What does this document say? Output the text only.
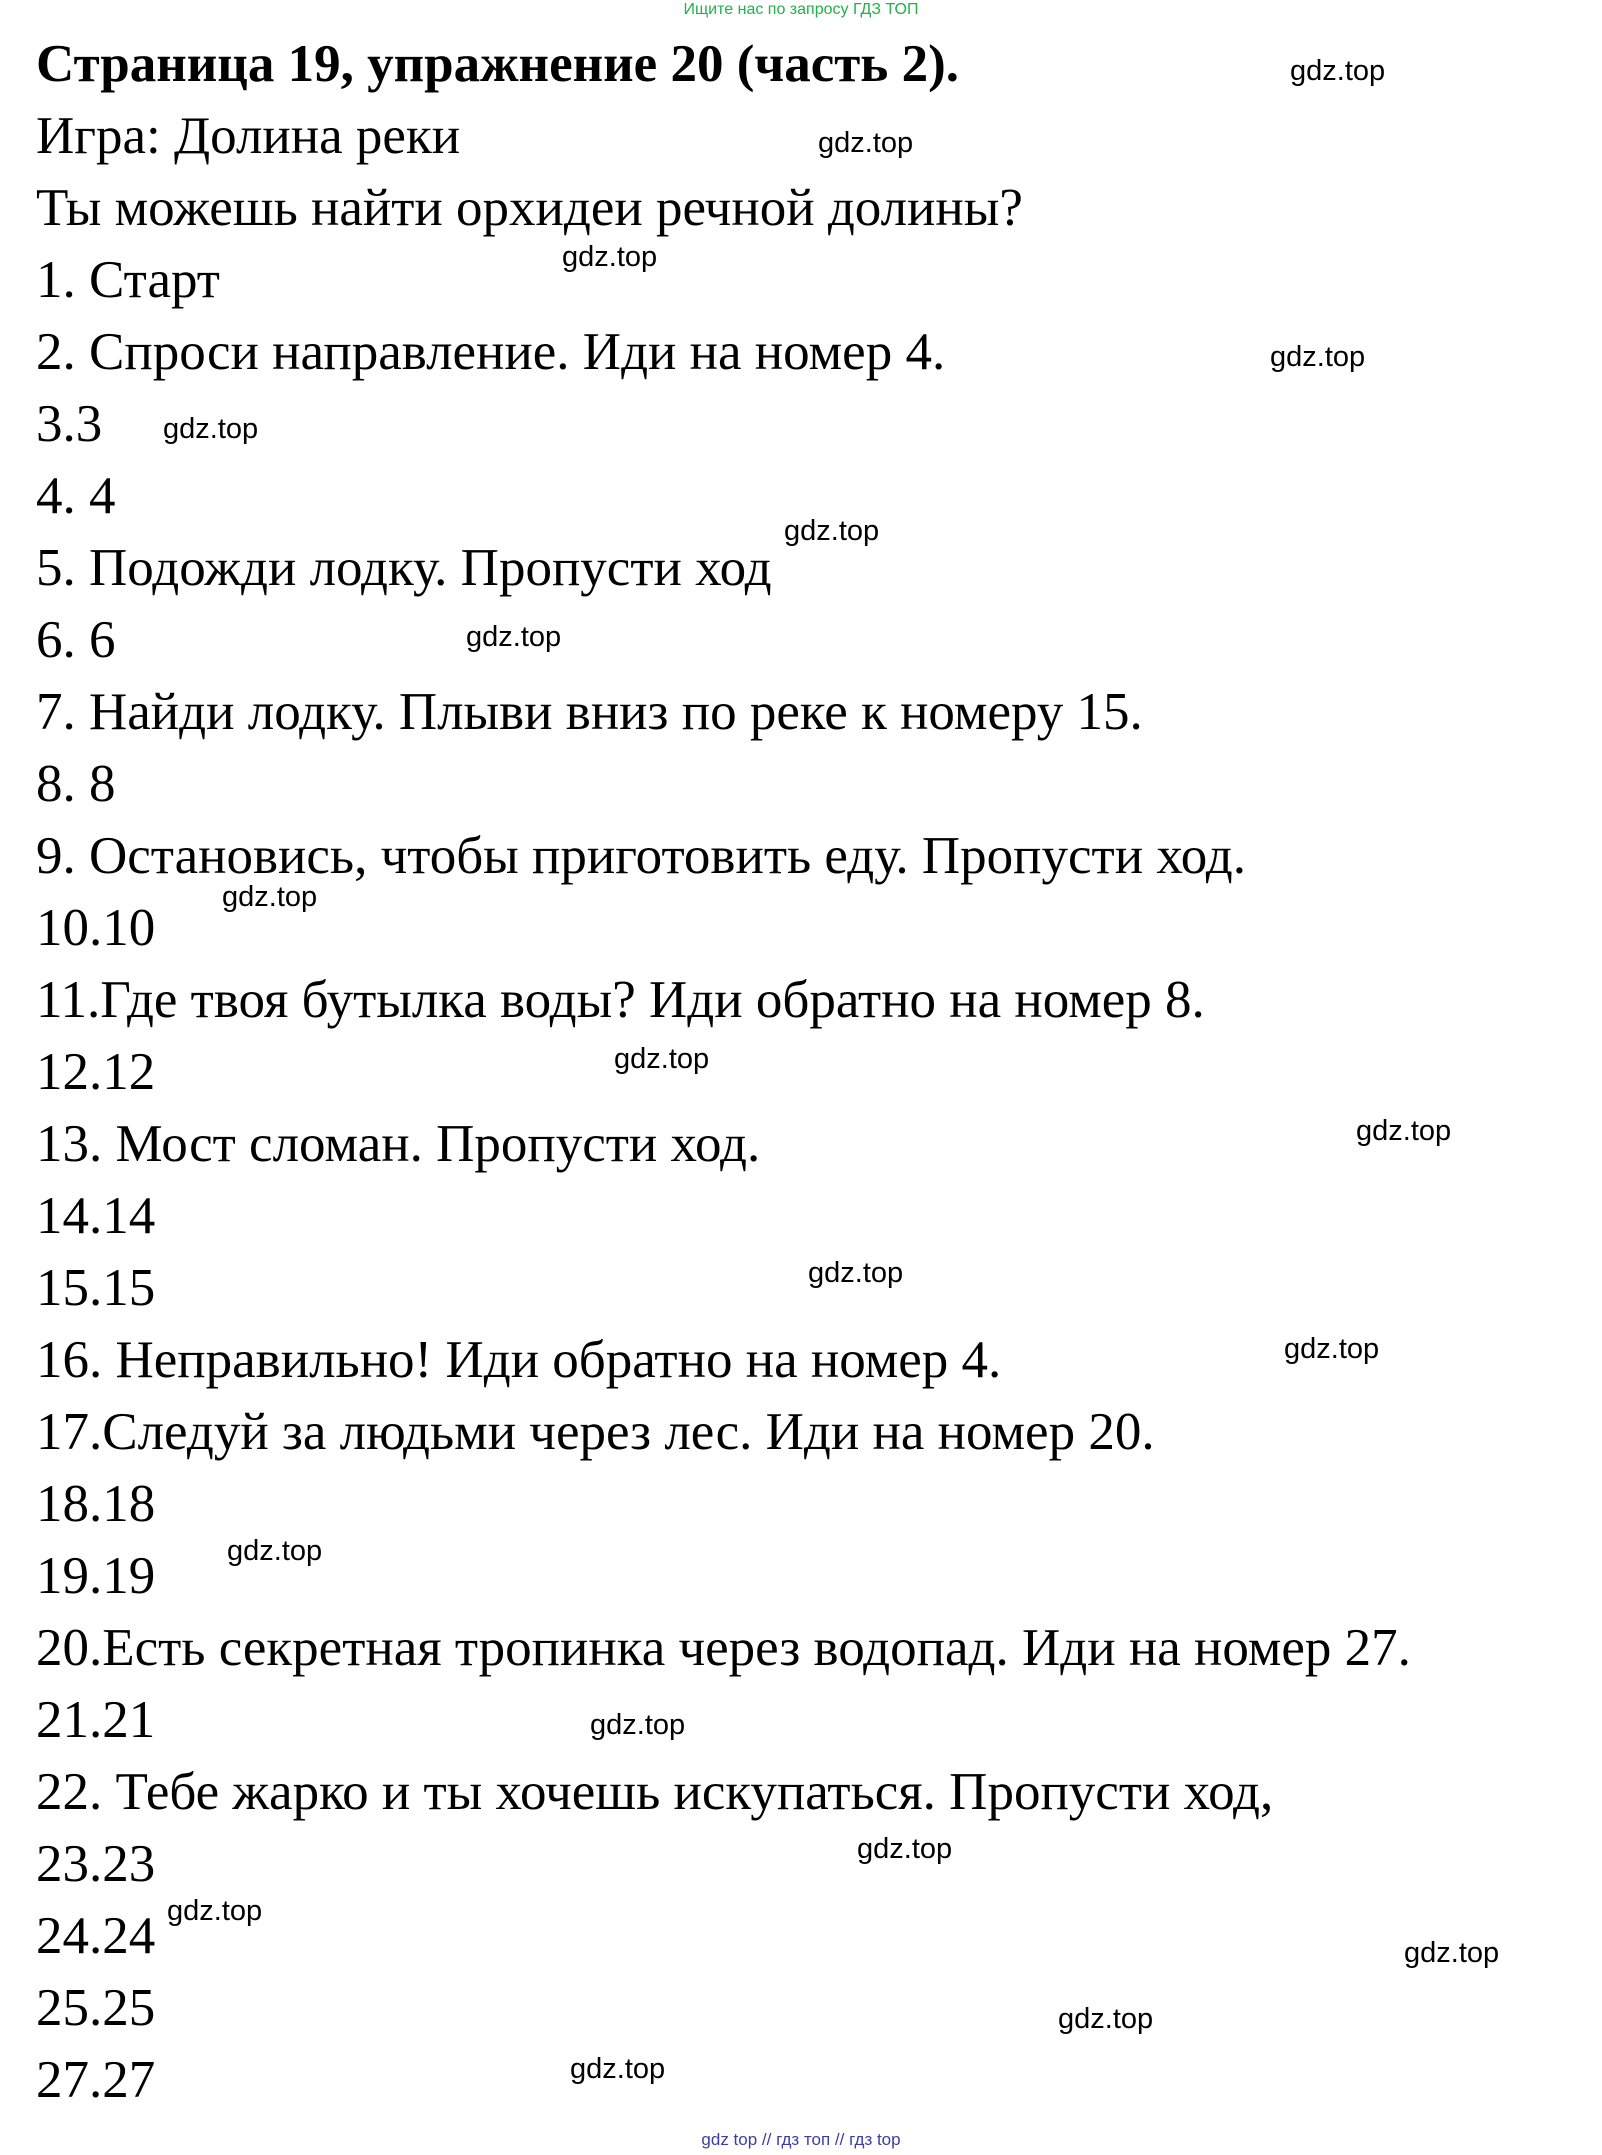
Ищите нас по запросу ГДЗ ТОП
Страница 19, упражнение 20 (часть 2).
Игра: Долина реки
Ты можешь найти орхидеи речной долины?
1. Старт
2. Спроси направление. Иди на номер 4.
3.3
4. 4
5. Подожди лодку. Пропусти ход
6. 6
7. Найди лодку. Плыви вниз по реке к номеру 15.
8. 8
9. Остановись, чтобы приготовить еду. Пропусти ход.
10.10
11.Где твоя бутылка воды? Иди обратно на номер 8.
12.12
13. Мост сломан. Пропусти ход.
14.14
15.15
16. Неправильно! Иди обратно на номер 4.
17.Следуй за людьми через лес. Иди на номер 20.
18.18
19.19
20.Есть секретная тропинка через водопад. Иди на номер 27.
21.21
22. Тебе жарко и ты хочешь искупаться. Пропусти ход,
23.23
24.24
25.25
27.27
gdz.top
gdz.top
gdz.top
gdz.top
gdz.top
gdz.top
gdz.top
gdz.top
gdz.top
gdz.top
gdz.top
gdz.top
gdz.top
gdz.top
gdz.top
gdz.top
gdz.top
gdz.top
gdz.top
gdz top // гдз топ // гдз top
